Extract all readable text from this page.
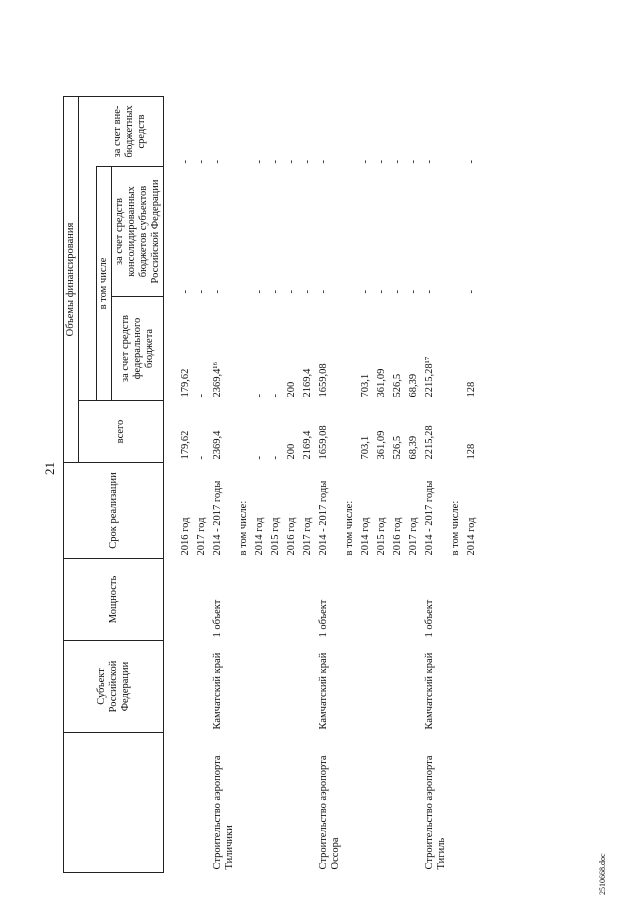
21
	Субъект Российской Федерации	Мощность	Срок реализации	Объемы финансирования			
				всего			
					в том числе		за счет вне-бюджетных средств
					за счет средств федерального бюджета	за счет средств консолидированных бюджетов субъектов Российской Федерации	
			2016 год	179,62	179,62	-	-
			2017 год	-	-	-	-
Строительство аэропорта Тиличики	Камчатский край	1 объект	2014 - 2017 годы	2369,4	2369,4¹⁶	-	-
			в том числе:				
			2014 год	-	-	-	-
			2015 год	-	-	-	-
			2016 год	200	200	-	-
			2017 год	2169,4	2169,4	-	-
Строительство аэропорта Оссора	Камчатский край	1 объект	2014 - 2017 годы	1659,08	1659,08	-	-
			в том числе:				
			2014 год	703,1	703,1	-	-
			2015 год	361,09	361,09	-	-
			2016 год	526,5	526,5	-	-
			2017 год	68,39	68,39	-	-
Строительство аэропорта Тигиль	Камчатский край	1 объект	2014 - 2017 годы	2215,28	2215,28¹⁷	-	-
			в том числе:				
			2014 год	128	128	-	-
2510668.doc
